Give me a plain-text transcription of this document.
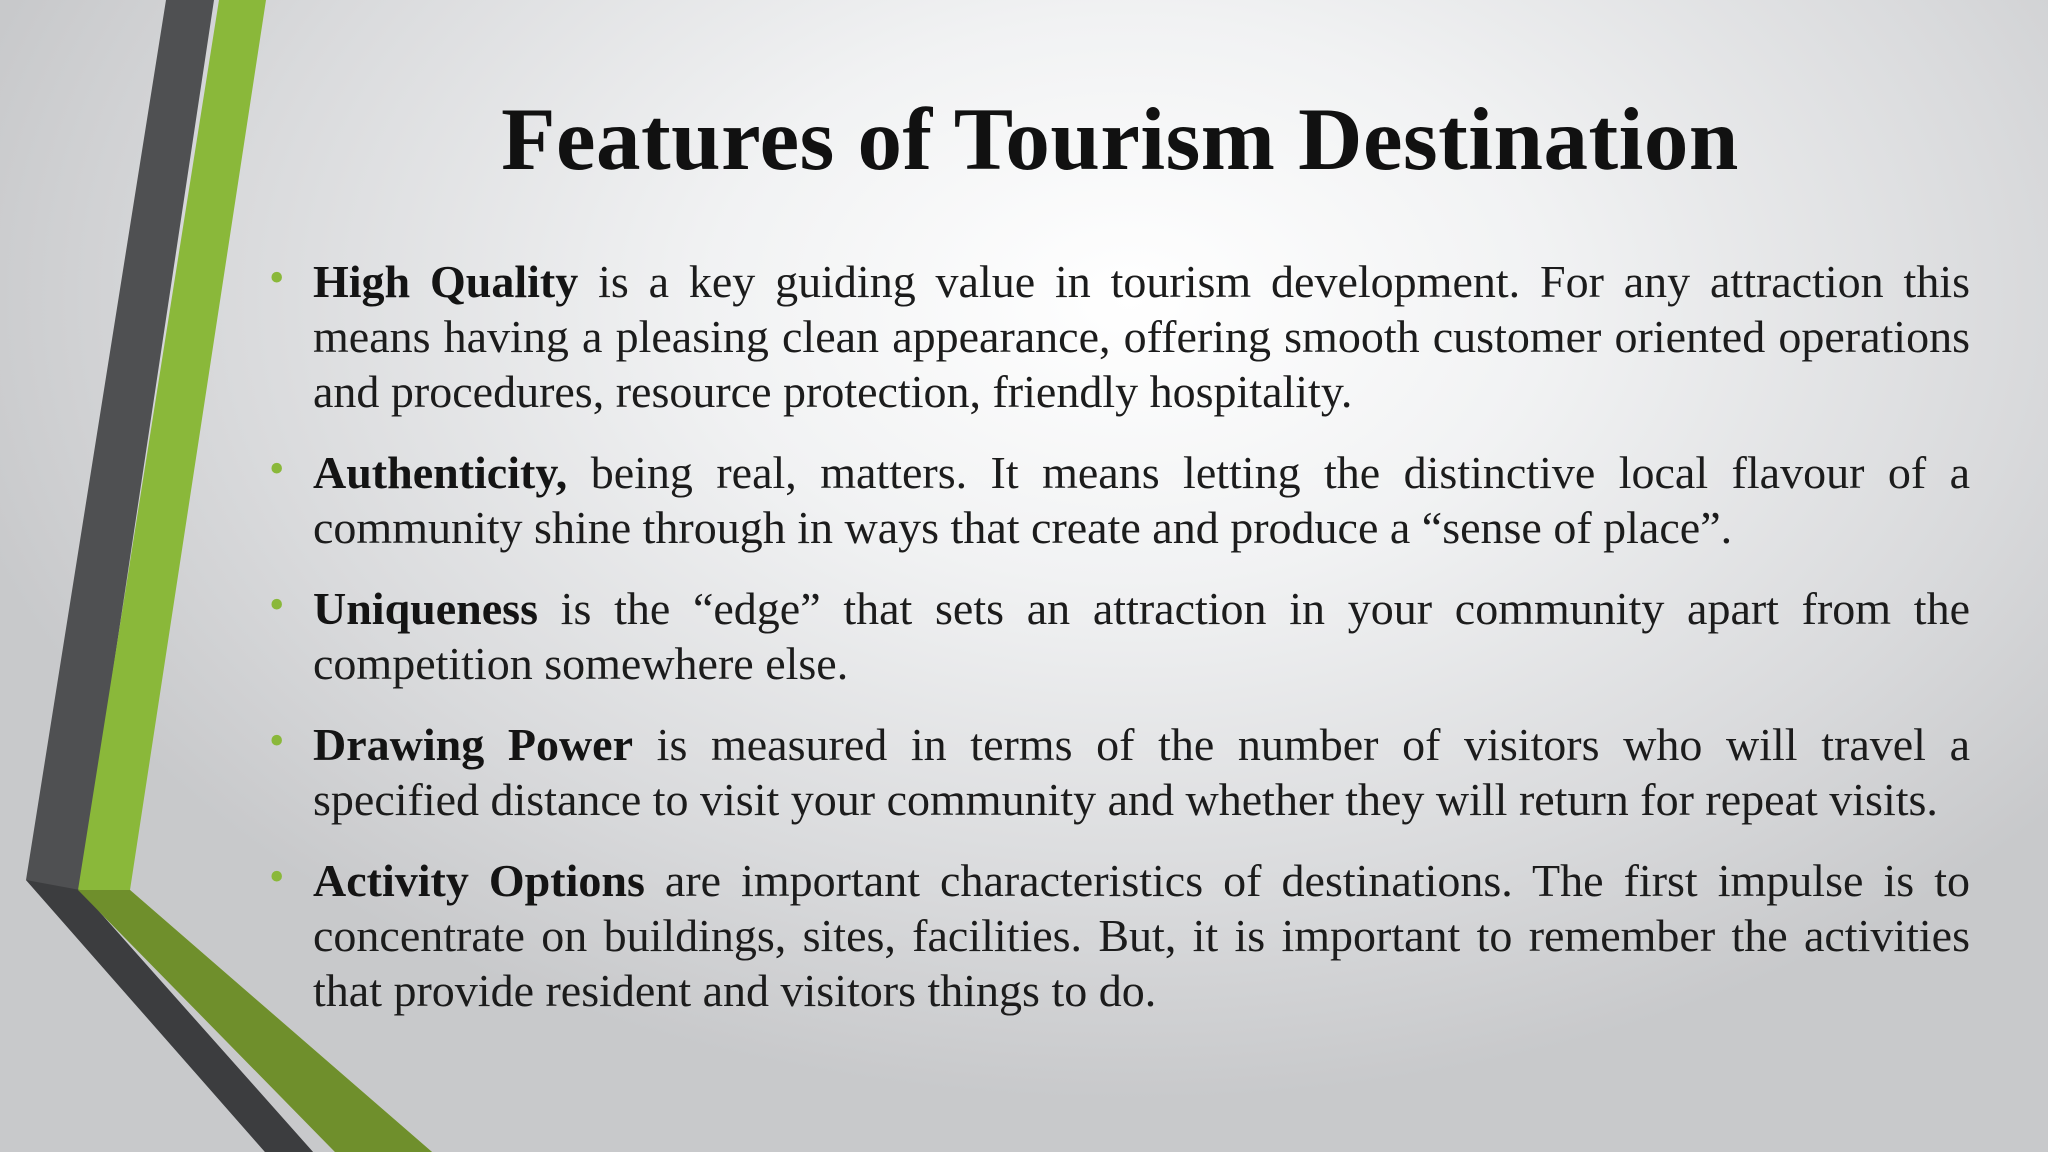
Features of Tourism Destination
• High Quality is a key guiding value in tourism development. For any attraction this means having a pleasing clean appearance, offering smooth customer oriented operations and procedures, resource protection, friendly hospitality.
• Authenticity, being real, matters. It means letting the distinctive local flavour of a community shine through in ways that create and produce a “sense of place”.
• Uniqueness is the “edge” that sets an attraction in your community apart from the competition somewhere else.
• Drawing Power is measured in terms of the number of visitors who will travel a specified distance to visit your community and whether they will return for repeat visits.
• Activity Options are important characteristics of destinations. The first impulse is to concentrate on buildings, sites, facilities. But, it is important to remember the activities that provide resident and visitors things to do.
